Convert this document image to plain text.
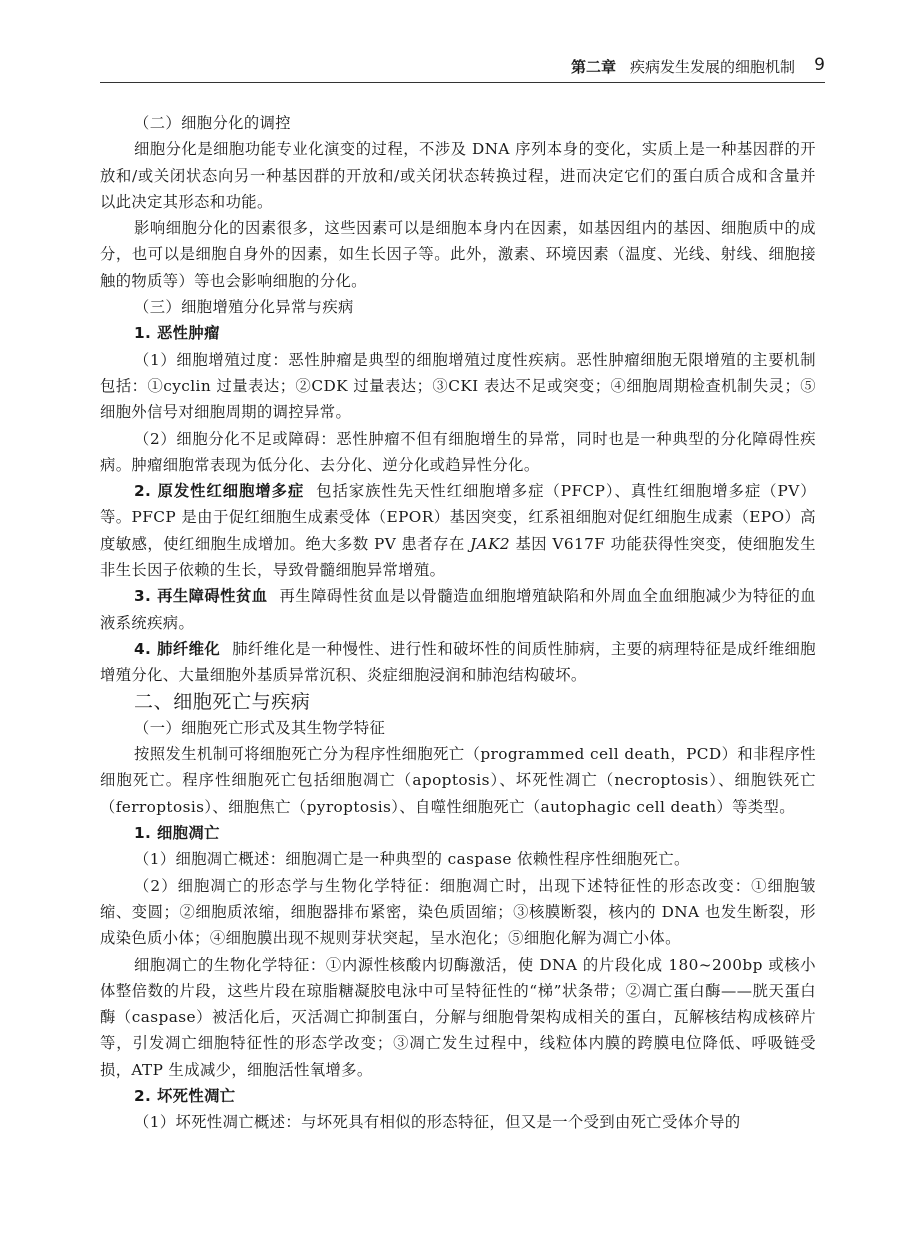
第二章 疾病发生发展的细胞机制 9

（二）细胞分化的调控

细胞分化是细胞功能专业化演变的过程，不涉及 DNA 序列本身的变化，实质上是一种基因群的开放和/或关闭状态向另一种基因群的开放和/或关闭状态转换过程，进而决定它们的蛋白质合成和含量并以此决定其形态和功能。

影响细胞分化的因素很多，这些因素可以是细胞本身内在因素，如基因组内的基因、细胞质中的成分，也可以是细胞自身外的因素，如生长因子等。此外，激素、环境因素（温度、光线、射线、细胞接触的物质等）等也会影响细胞的分化。

（三）细胞增殖分化异常与疾病

1. 恶性肿瘤

（1）细胞增殖过度：恶性肿瘤是典型的细胞增殖过度性疾病。恶性肿瘤细胞无限增殖的主要机制包括：①cyclin 过量表达；②CDK 过量表达；③CKI 表达不足或突变；④细胞周期检查机制失灵；⑤细胞外信号对细胞周期的调控异常。

（2）细胞分化不足或障碍：恶性肿瘤不但有细胞增生的异常，同时也是一种典型的分化障碍性疾病。肿瘤细胞常表现为低分化、去分化、逆分化或趋异性分化。

2. 原发性红细胞增多症 包括家族性先天性红细胞增多症（PFCP）、真性红细胞增多症（PV）等。PFCP 是由于促红细胞生成素受体（EPOR）基因突变，红系祖细胞对促红细胞生成素（EPO）高度敏感，使红细胞生成增加。绝大多数 PV 患者存在 JAK2 基因 V617F 功能获得性突变，使细胞发生非生长因子依赖的生长，导致骨髓细胞异常增殖。

3. 再生障碍性贫血 再生障碍性贫血是以骨髓造血细胞增殖缺陷和外周血全血细胞减少为特征的血液系统疾病。

4. 肺纤维化 肺纤维化是一种慢性、进行性和破坏性的间质性肺病，主要的病理特征是成纤维细胞增殖分化、大量细胞外基质异常沉积、炎症细胞浸润和肺泡结构破坏。

二、细胞死亡与疾病

（一）细胞死亡形式及其生物学特征

按照发生机制可将细胞死亡分为程序性细胞死亡（programmed cell death，PCD）和非程序性细胞死亡。程序性细胞死亡包括细胞凋亡（apoptosis）、坏死性凋亡（necroptosis）、细胞铁死亡（ferroptosis）、细胞焦亡（pyroptosis）、自噬性细胞死亡（autophagic cell death）等类型。

1. 细胞凋亡

（1）细胞凋亡概述：细胞凋亡是一种典型的 caspase 依赖性程序性细胞死亡。

（2）细胞凋亡的形态学与生物化学特征：细胞凋亡时，出现下述特征性的形态改变：①细胞皱缩、变圆；②细胞质浓缩，细胞器排布紧密，染色质固缩；③核膜断裂，核内的 DNA 也发生断裂，形成染色质小体；④细胞膜出现不规则芽状突起，呈水泡化；⑤细胞化解为凋亡小体。

细胞凋亡的生物化学特征：①内源性核酸内切酶激活，使 DNA 的片段化成 180~200bp 或核小体整倍数的片段，这些片段在琼脂糖凝胶电泳中可呈特征性的“梯”状条带；②凋亡蛋白酶——胱天蛋白酶（caspase）被活化后，灭活凋亡抑制蛋白，分解与细胞骨架构成相关的蛋白，瓦解核结构成核碎片等，引发凋亡细胞特征性的形态学改变；③凋亡发生过程中，线粒体内膜的跨膜电位降低、呼吸链受损，ATP 生成减少，细胞活性氧增多。

2. 坏死性凋亡

（1）坏死性凋亡概述：与坏死具有相似的形态特征，但又是一个受到由死亡受体介导的
